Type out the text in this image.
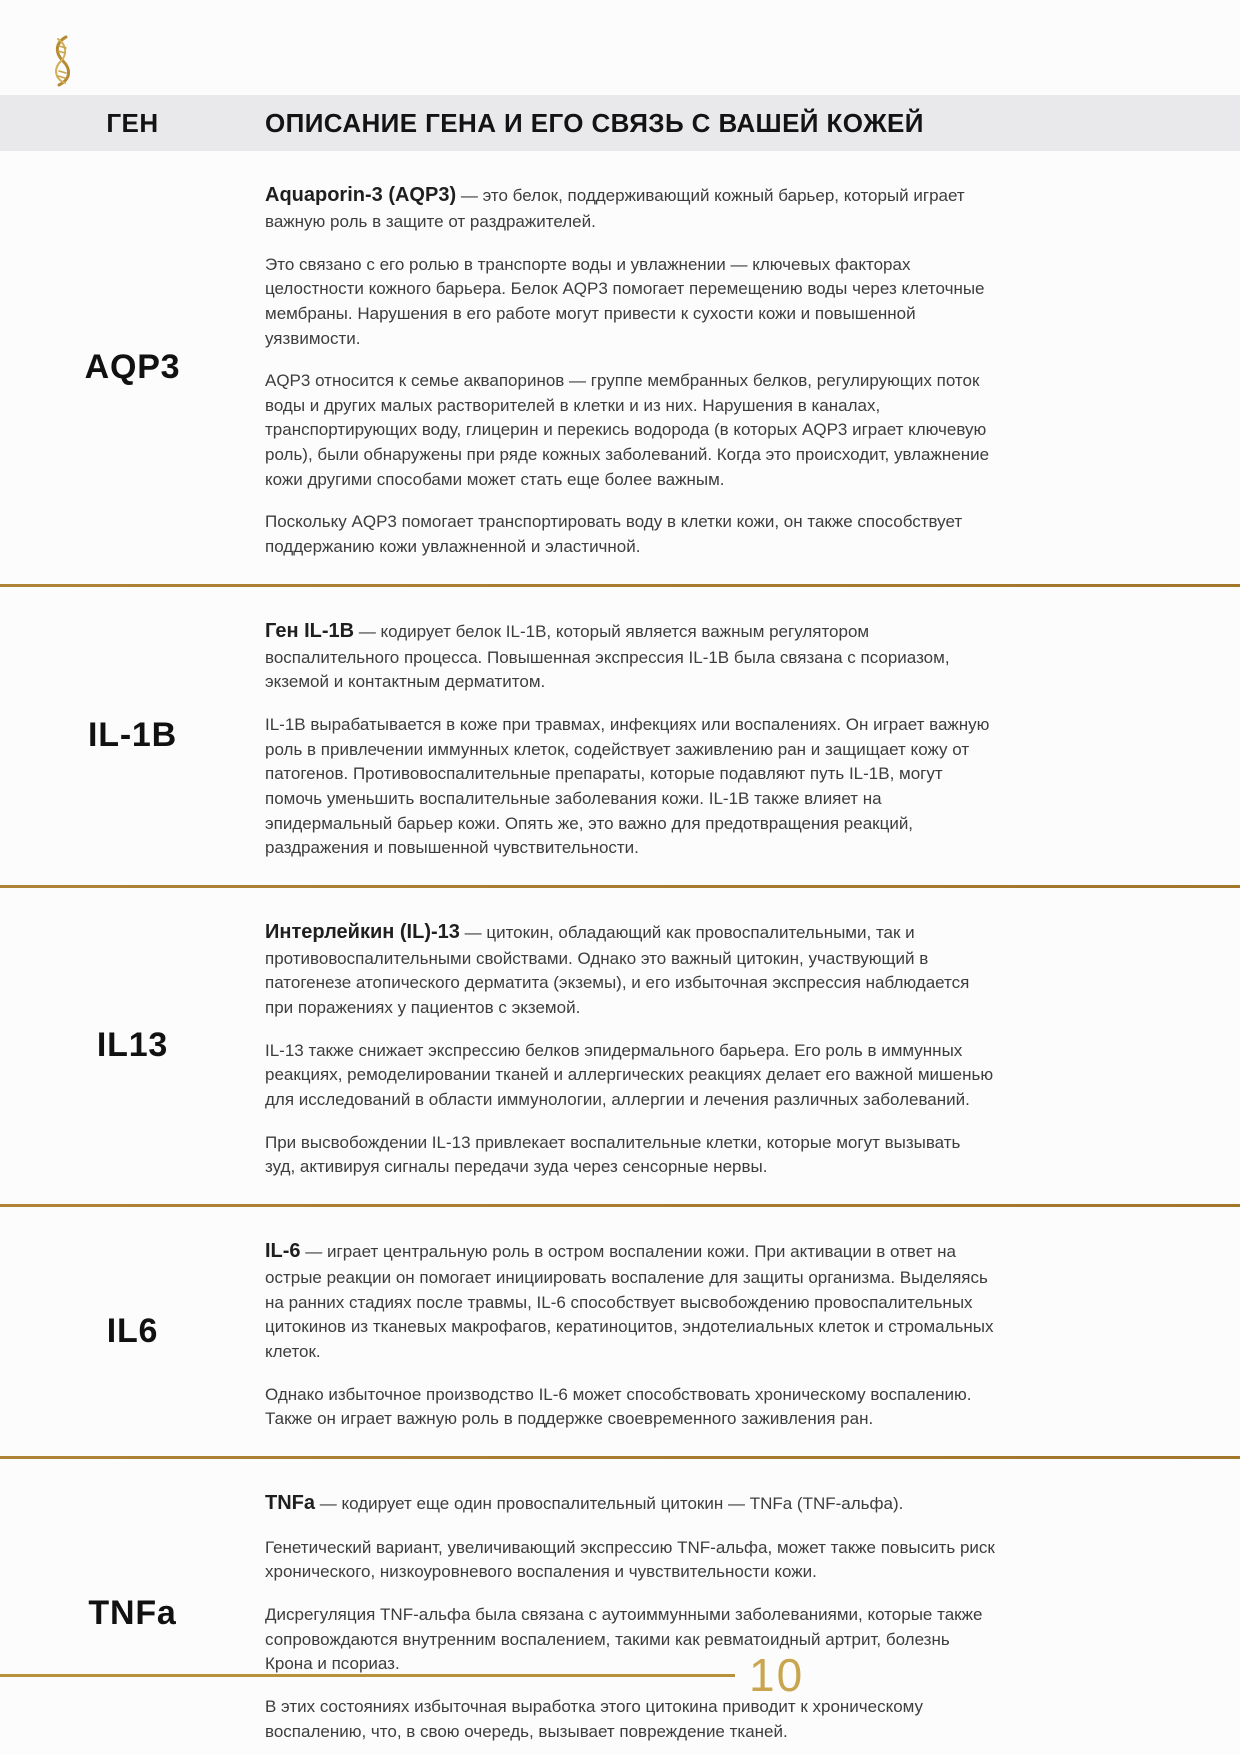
ГЕН	ОПИСАНИЕ ГЕНА И ЕГО СВЯЗЬ С ВАШЕЙ КОЖЕЙ
AQP3

Aquaporin-3 (AQP3) — это белок, поддерживающий кожный барьер, который играет важную роль в защите от раздражителей.

Это связано с его ролью в транспорте воды и увлажнении — ключевых факторах целостности кожного барьера. Белок AQP3 помогает перемещению воды через клеточные мембраны. Нарушения в его работе могут привести к сухости кожи и повышенной уязвимости.

AQP3 относится к семье аквапоринов — группе мембранных белков, регулирующих поток воды и других малых растворителей в клетки и из них. Нарушения в каналах, транспортирующих воду, глицерин и перекись водорода (в которых AQP3 играет ключевую роль), были обнаружены при ряде кожных заболеваний. Когда это происходит, увлажнение кожи другими способами может стать еще более важным.

Поскольку AQP3 помогает транспортировать воду в клетки кожи, он также способствует поддержанию кожи увлажненной и эластичной.

IL-1B

Ген IL-1B — кодирует белок IL-1B, который является важным регулятором воспалительного процесса. Повышенная экспрессия IL-1B была связана с псориазом, экземой и контактным дерматитом.

IL-1B вырабатывается в коже при травмах, инфекциях или воспалениях. Он играет важную роль в привлечении иммунных клеток, содействует заживлению ран и защищает кожу от патогенов. Противовоспалительные препараты, которые подавляют путь IL-1B, могут помочь уменьшить воспалительные заболевания кожи. IL-1B также влияет на эпидермальный барьер кожи. Опять же, это важно для предотвращения реакций, раздражения и повышенной чувствительности.

IL13

Интерлейкин (IL)-13 — цитокин, обладающий как провоспалительными, так и противовоспалительными свойствами. Однако это важный цитокин, участвующий в патогенезе атопического дерматита (экземы), и его избыточная экспрессия наблюдается при поражениях у пациентов с экземой.

IL-13 также снижает экспрессию белков эпидермального барьера. Его роль в иммунных реакциях, ремоделировании тканей и аллергических реакциях делает его важной мишенью для исследований в области иммунологии, аллергии и лечения различных заболеваний.

При высвобождении IL-13 привлекает воспалительные клетки, которые могут вызывать зуд, активируя сигналы передачи зуда через сенсорные нервы.

IL6

IL-6 — играет центральную роль в остром воспалении кожи. При активации в ответ на острые реакции он помогает инициировать воспаление для защиты организма. Выделяясь на ранних стадиях после травмы, IL-6 способствует высвобождению провоспалительных цитокинов из тканевых макрофагов, кератиноцитов, эндотелиальных клеток и стромальных клеток.

Однако избыточное производство IL-6 может способствовать хроническому воспалению. Также он играет важную роль в поддержке своевременного заживления ран.

TNFa

TNFa — кодирует еще один провоспалительный цитокин — TNFa (TNF-альфа).

Генетический вариант, увеличивающий экспрессию TNF-альфа, может также повысить риск хронического, низкоуровневого воспаления и чувствительности кожи.

Дисрегуляция TNF-альфа была связана с аутоиммунными заболеваниями, которые также сопровождаются внутренним воспалением, такими как ревматоидный артрит, болезнь Крона и псориаз.

В этих состояниях избыточная выработка этого цитокина приводит к хроническому воспалению, что, в свою очередь, вызывает повреждение тканей.

10
